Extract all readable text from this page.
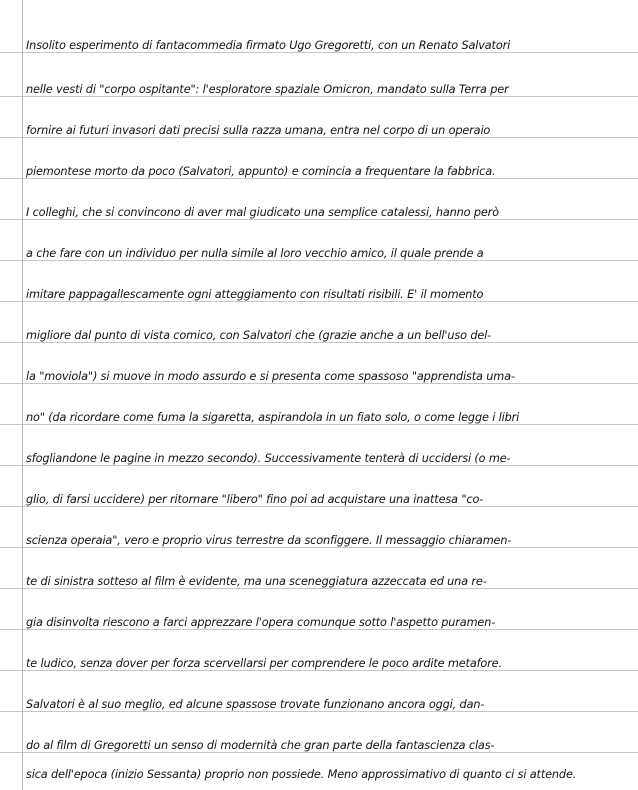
Insolito esperimento di fantacommedia firmato Ugo Gregoretti, con un Renato Salvatori
nelle vesti di "corpo ospitante": l'esploratore spaziale Omicron, mandato sulla Terra per
fornire ai futuri invasori dati precisi sulla razza umana, entra nel corpo di un operaio
piemontese morto da poco (Salvatori, appunto) e comincia a frequentare la fabbrica.
I colleghi, che si convincono di aver mal giudicato una semplice catalessi, hanno però
a che fare con un individuo per nulla simile al loro vecchio amico, il quale prende a
imitare pappagallescamente ogni atteggiamento con risultati risibili. E' il momento
migliore dal punto di vista comico, con Salvatori che (grazie anche a un bell'uso del-
la "moviola") si muove in modo assurdo e si presenta come spassoso "apprendista uma-
no" (da ricordare come fuma la sigaretta, aspirandola in un fiato solo, o come legge i libri
sfogliandone le pagine in mezzo secondo). Successivamente tenterà di uccidersi (o me-
glio, di farsi uccidere) per ritornare "libero" fino poi ad acquistare una inattesa "co-
scienza operaia", vero e proprio virus terrestre da sconfiggere. Il messaggio chiaramen-
te di sinistra sotteso al film è evidente, ma una sceneggiatura azzeccata ed una re-
gia disinvolta riescono a farci apprezzare l'opera comunque sotto l'aspetto puramen-
te ludico, senza dover per forza scervellarsi per comprendere le poco ardite metafore.
Salvatori è al suo meglio, ed alcune spassose trovate funzionano ancora oggi, dan-
do al film di Gregoretti un senso di modernità che gran parte della fantascienza clas-
sica dell'epoca (inizio Sessanta) proprio non possiede. Meno approssimativo di quanto ci si attende.
